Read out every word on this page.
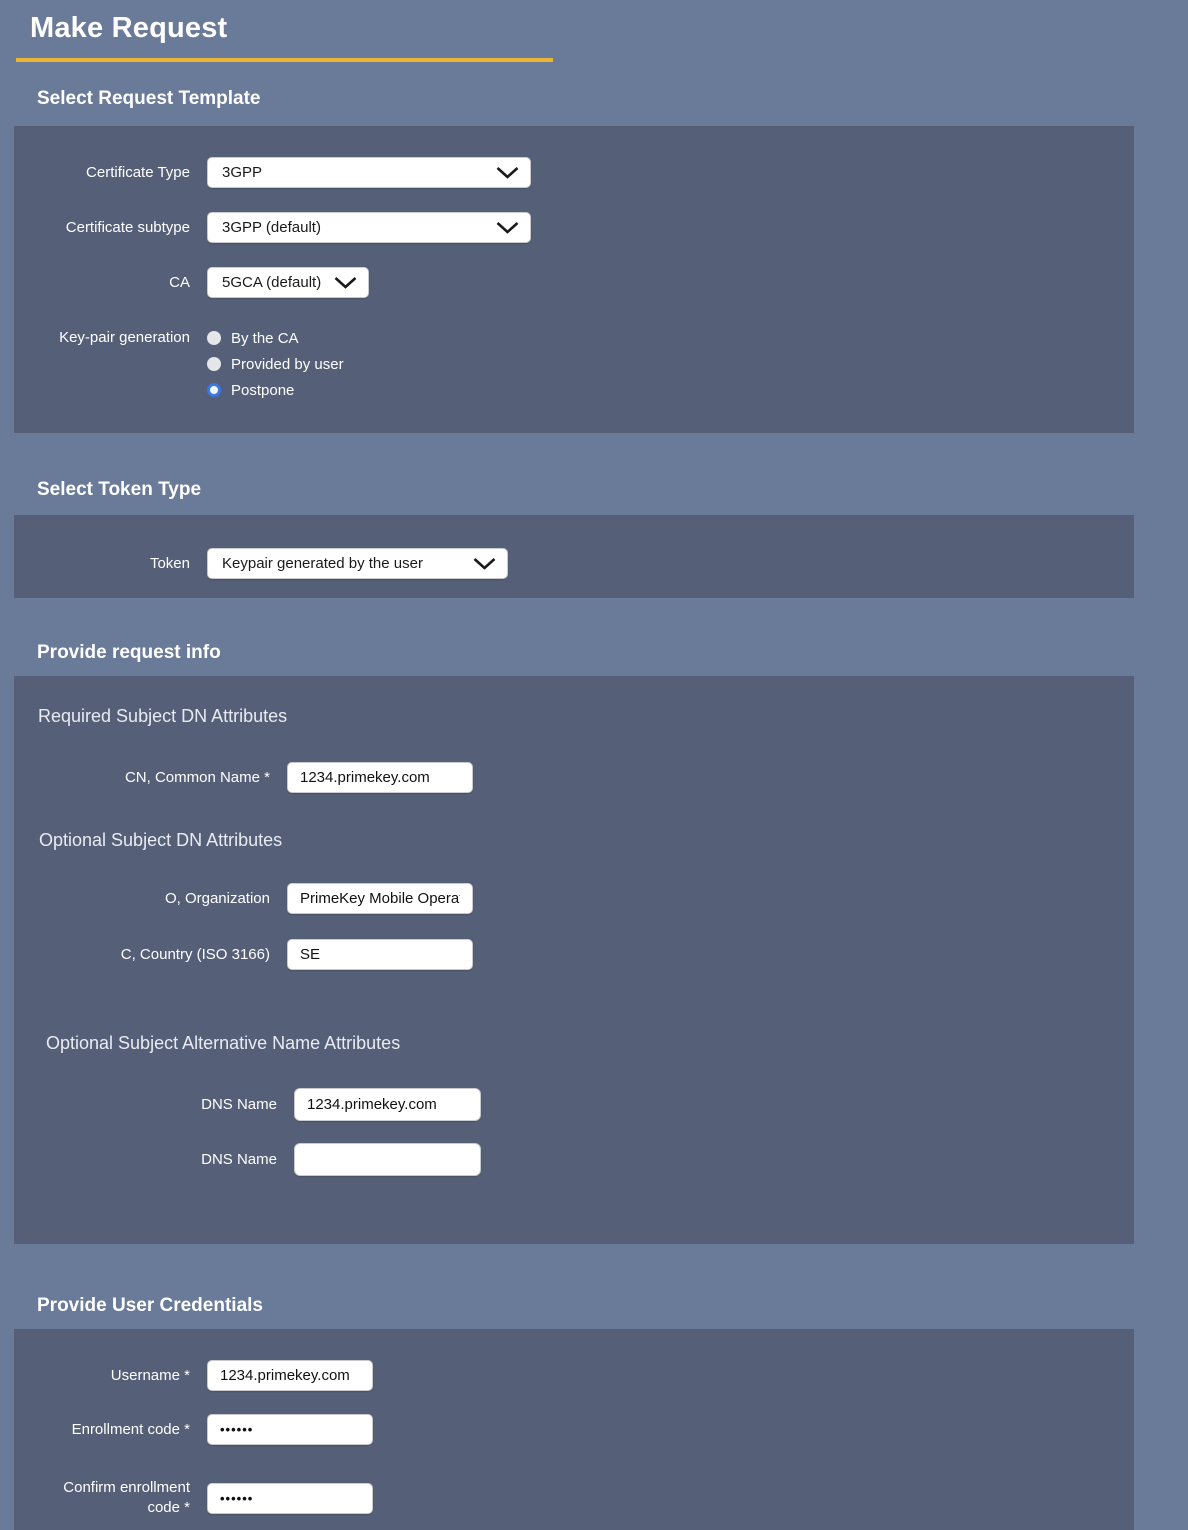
Make Request
Select Request Template
Certificate Type 3GPP
Certificate subtype 3GPP (default)
CA 5GCA (default)
Key-pair generation	By the CA
Provided by user
Postpone
Select Token Type
Token Keypair generated by the user
Provide request info
Required Subject DN Attributes
CN, Common Name *
1234.primekey.com
Optional Subject DN Attributes
O, Organization
PrimeKey Mobile Operator
C, Country (ISO 3166)
SE
Optional Subject Alternative Name Attributes
DNS Name
1234.primekey.com
DNS Name
Provide User Credentials
Username *
1234.primekey.com
Enrollment code *
••••••
Confirm enrollment code *
••••••
